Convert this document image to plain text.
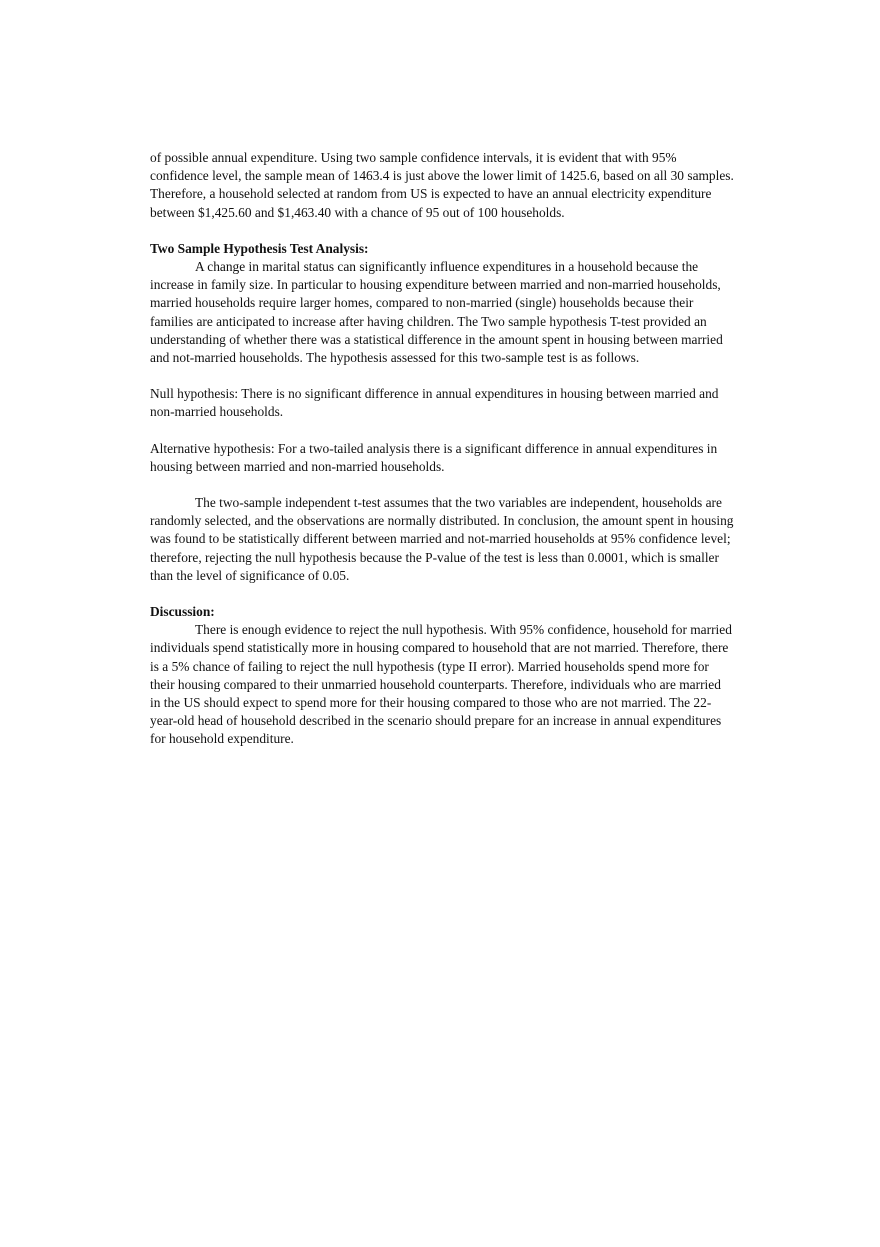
of possible annual expenditure. Using two sample confidence intervals, it is evident that with 95% confidence level, the sample mean of 1463.4 is just above the lower limit of 1425.6, based on all 30 samples. Therefore, a household selected at random from US is expected to have an annual electricity expenditure between $1,425.60 and $1,463.40 with a chance of 95 out of 100 households.

Two Sample Hypothesis Test Analysis:

A change in marital status can significantly influence expenditures in a household because the increase in family size. In particular to housing expenditure between married and non-married households, married households require larger homes, compared to non-married (single) households because their families are anticipated to increase after having children. The Two sample hypothesis T-test provided an understanding of whether there was a statistical difference in the amount spent in housing between married and not-married households. The hypothesis assessed for this two-sample test is as follows.

Null hypothesis: There is no significant difference in annual expenditures in housing between married and non-married households.

Alternative hypothesis: For a two-tailed analysis there is a significant difference in annual expenditures in housing between married and non-married households.

The two-sample independent t-test assumes that the two variables are independent, households are randomly selected, and the observations are normally distributed. In conclusion, the amount spent in housing was found to be statistically different between married and not-married households at 95% confidence level; therefore, rejecting the null hypothesis because the P-value of the test is less than 0.0001, which is smaller than the level of significance of 0.05.

Discussion:

There is enough evidence to reject the null hypothesis. With 95% confidence, household for married individuals spend statistically more in housing compared to household that are not married. Therefore, there is a 5% chance of failing to reject the null hypothesis (type II error). Married households spend more for their housing compared to their unmarried household counterparts. Therefore, individuals who are married in the US should expect to spend more for their housing compared to those who are not married. The 22-year-old head of household described in the scenario should prepare for an increase in annual expenditures for household expenditure.
